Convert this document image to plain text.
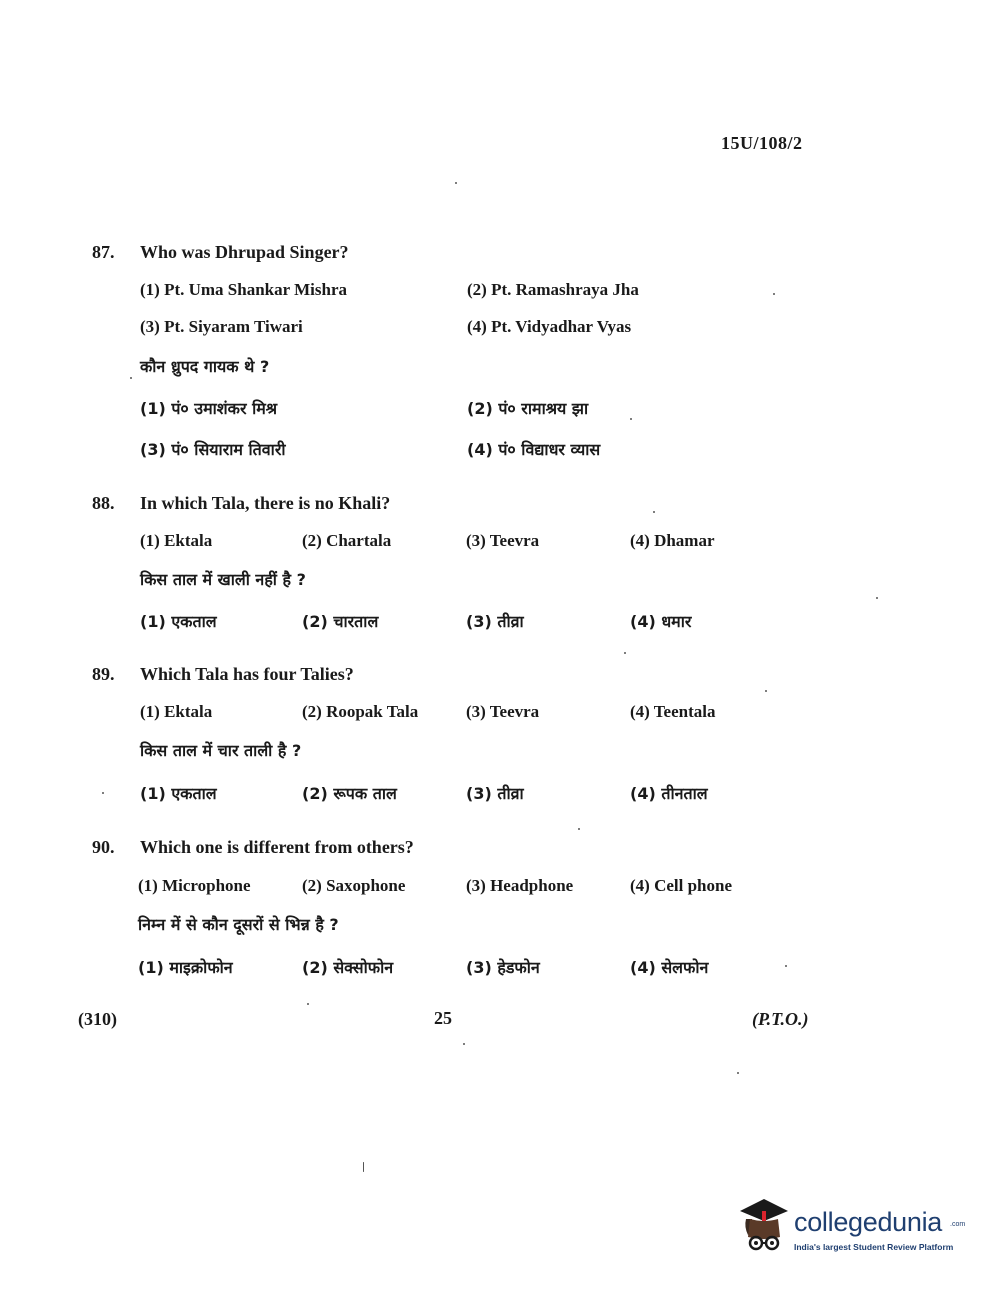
15U/108/2
87. Who was Dhrupad Singer?
(1) Pt. Uma Shankar Mishra	(2) Pt. Ramashraya Jha
(3) Pt. Siyaram Tiwari	(4) Pt. Vidyadhar Vyas
कौन ध्रुपद गायक थे ?
(1) पं० उमाशंकर मिश्र	(2) पं० रामाश्रय झा
(3) पं० सियाराम तिवारी	(4) पं० विद्याधर व्यास
88. In which Tala, there is no Khali?
(1) Ektala	(2) Chartala	(3) Teevra	(4) Dhamar
किस ताल में खाली नहीं है ?
(1) एकताल	(2) चारताल	(3) तीव्रा	(4) धमार
89. Which Tala has four Talies?
(1) Ektala	(2) Roopak Tala	(3) Teevra	(4) Teentala
किस ताल में चार ताली है ?
(1) एकताल	(2) रूपक ताल	(3) तीव्रा	(4) तीनताल
90. Which one is different from others?
(1) Microphone	(2) Saxophone	(3) Headphone	(4) Cell phone
निम्न में से कौन दूसरों से भिन्न है ?
(1) माइक्रोफोन	(2) सेक्सोफोन	(3) हेडफोन	(4) सेलफोन
(310)	25	(P.T.O.)
collegedunia .com
India's largest Student Review Platform
